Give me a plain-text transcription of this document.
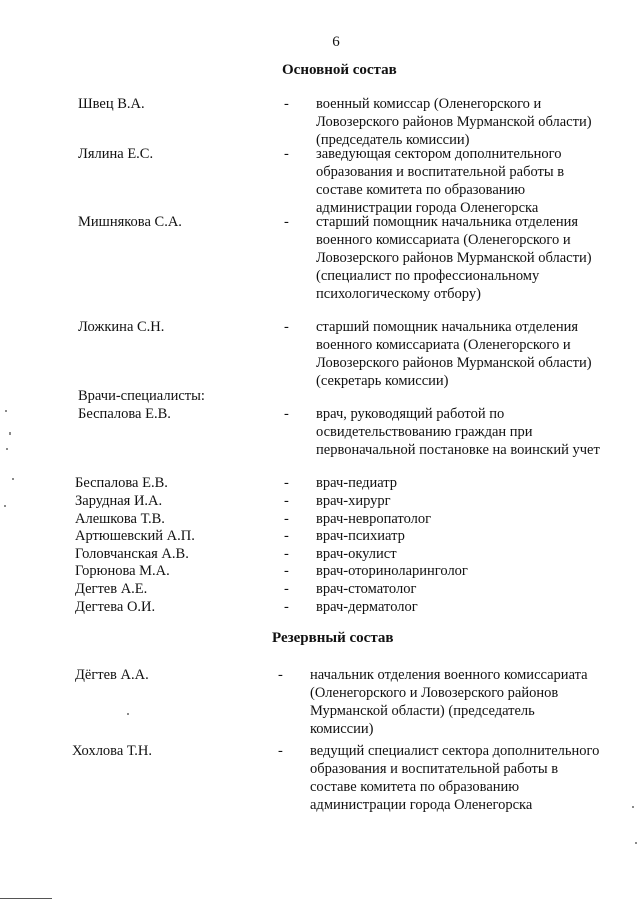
6
Основной состав
Швец В.А.	- военный комиссар (Оленегорского и Ловозерского районов Мурманской области) (председатель комиссии)
Лялина Е.С.	- заведующая сектором дополнительного образования и воспитательной работы в составе комитета по образованию администрации города Оленегорска
Мишнякова С.А.	- старший помощник начальника отделения военного комиссариата (Оленегорского и Ловозерского районов Мурманской области) (специалист по профессиональному психологическому отбору)
Ложкина С.Н.	- старший помощник начальника отделения военного комиссариата (Оленегорского и Ловозерского районов Мурманской области) (секретарь комиссии)
Врачи-специалисты:
Беспалова Е.В.	- врач, руководящий работой по освидетельствованию граждан при первоначальной постановке на воинский учет
Беспалова Е.В.	- врач-педиатр
Зарудная И.А.	- врач-хирург
Алешкова Т.В.	- врач-невропатолог
Артюшевский А.П.	- врач-психиатр
Головчанская А.В.	- врач-окулист
Горюнова М.А.	- врач-оториноларинголог
Дегтев А.Е.	- врач-стоматолог
Дегтева О.И.	- врач-дерматолог
Резервный состав
Дёгтев А.А.	- начальник отделения военного комиссариата (Оленегорского и Ловозерского районов Мурманской области) (председатель комиссии)
Хохлова Т.Н.	- ведущий специалист сектора дополнительного образования и воспитательной работы в составе комитета по образованию администрации города Оленегорска
